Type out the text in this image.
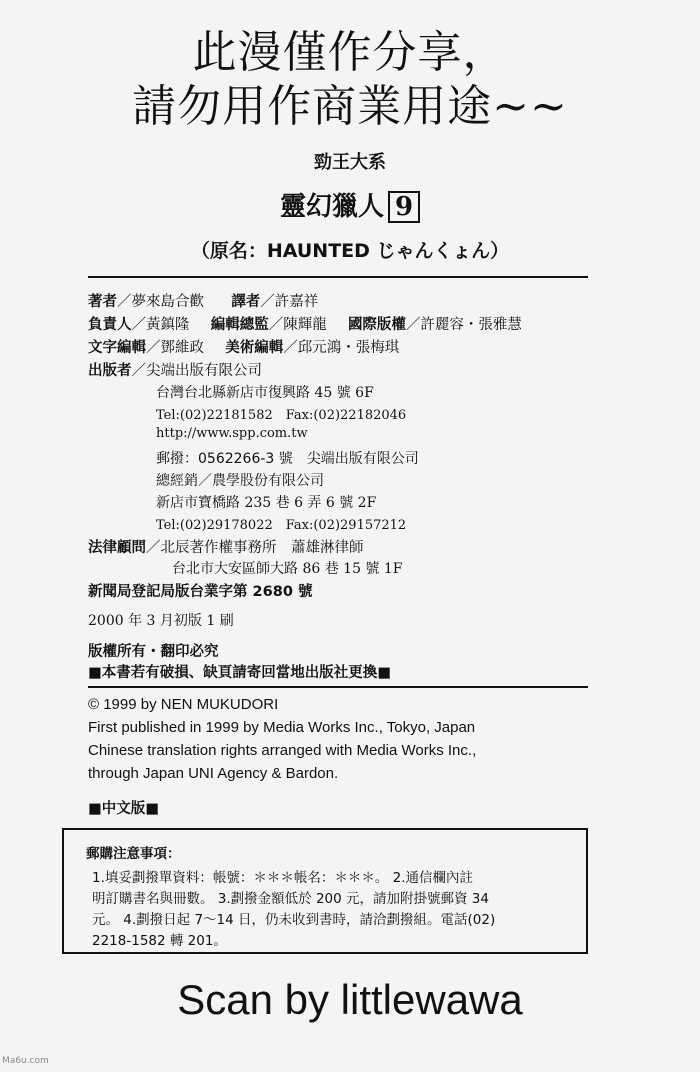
此漫僅作分享，
請勿用作商業用途~~
勁王大系
靈幻獵人 9
（原名：HAUNTED じゃんくょん）
著者／夢來島合歡 譯者／許嘉祥
負責人／黃鎮隆 編輯總監／陳輝龍 國際版權／許麗容・張雅慧
文字編輯／鄧維政 美術編輯／邱元鴻・張梅琪
出版者／尖端出版有限公司
台灣台北縣新店市復興路 45 號 6F
Tel:(02)22181582　Fax:(02)22182046
http://www.spp.com.tw
郵撥：0562266-3 號　尖端出版有限公司
總經銷／農學股份有限公司
新店市寶橋路 235 巷 6 弄 6 號 2F
Tel:(02)29178022　Fax:(02)29157212
法律顧問／北辰著作權事務所　蕭雄淋律師
台北市大安區師大路 86 巷 15 號 1F
新聞局登記局版台業字第 2680 號
2000 年 3 月初版 1 刷
版權所有・翻印必究
■本書若有破損、缺頁請寄回當地出版社更換■
© 1999 by NEN MUKUDORI
First published in 1999 by Media Works Inc., Tokyo, Japan
Chinese translation rights arranged with Media Works Inc.,
through Japan UNI Agency & Bardon.
■中文版■
郵購注意事項：
1.填妥劃撥單資料：帳號：＊＊＊帳名：＊＊＊。 2.通信欄內註
明訂購書名與冊數。 3.劃撥金額低於 200 元，請加附掛號郵資 34
元。 4.劃撥日起 7～14 日，仍未收到書時，請洽劃撥組。電話(02)
2218-1582 轉 201。
Scan by littlewawa
Ma6u.com
